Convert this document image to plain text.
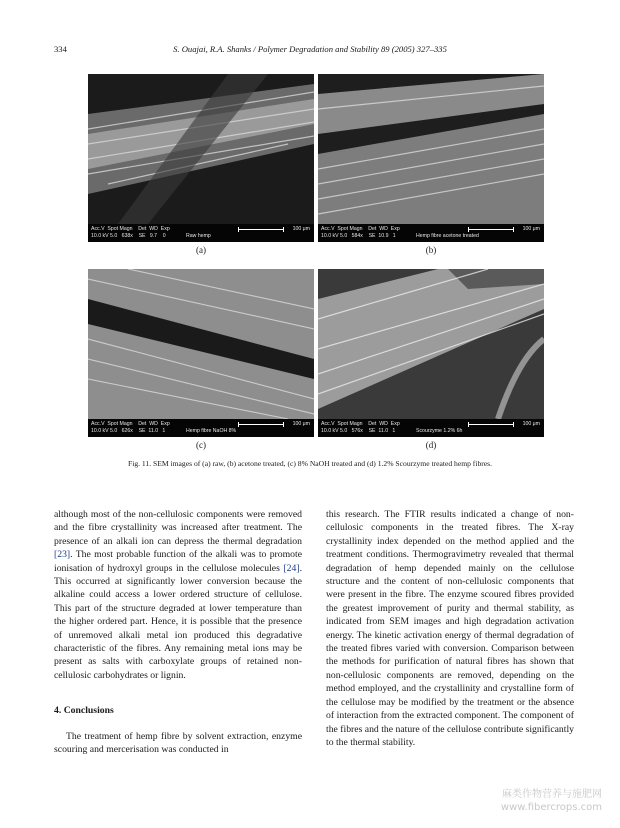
334	S. Ouajai, R.A. Shanks / Polymer Degradation and Stability 89 (2005) 327–335
Acc.V  Spot Magn    Det  WD  Exp
10.0 kV 5.0   638x    SE   9.7    0	Raw hemp
100 μm
(a)
Acc.V  Spot Magn    Det  WD  Exp
10.0 kV 5.0   584x    SE  10.9   1	Hemp fibre acetone treated
100 μm
(b)
Acc.V  Spot Magn    Det  WD  Exp
10.0 kV 5.0   626x    SE  11.0   1	Hemp fibre NaOH 8%
100 μm
(c)
Acc.V  Spot Magn    Det  WD  Exp
10.0 kV 5.0   576x    SE  11.0   1	Scourzyme 1.2% 6h
100 μm
(d)
Fig. 11. SEM images of (a) raw, (b) acetone treated, (c) 8% NaOH treated and (d) 1.2% Scourzyme treated hemp fibres.

although most of the non-cellulosic components were removed and the fibre crystallinity was increased after treatment. The presence of an alkali ion can depress the thermal degradation [23]. The most probable function of the alkali was to promote ionisation of hydroxyl groups in the cellulose molecules [24]. This occurred at significantly lower conversion because the alkaline could access a lower ordered structure of cellulose. This part of the structure degraded at lower temperature than the higher ordered part. Hence, it is possible that the presence of unremoved alkali metal ion produced this degradative characteristic of the fibres. Any remaining metal ions may be present as salts with carboxylate groups of retained non-cellulosic carbohydrates or lignin.

4. Conclusions

The treatment of hemp fibre by solvent extraction, enzyme scouring and mercerisation was conducted in

this research. The FTIR results indicated a change of non-cellulosic components in the treated fibres. The X-ray crystallinity index depended on the method applied and the treatment conditions. Thermogravimetry revealed that thermal degradation of hemp depended mainly on the cellulose structure and the content of non-cellulosic components that were present in the fibre. The enzyme scoured fibres provided the greatest improvement of purity and thermal stability, as indicated from SEM images and high degradation activation energy. The kinetic activation energy of thermal degradation of the treated fibres varied with conversion. Comparison between the methods for purification of natural fibres has shown that non-cellulosic components are removed, depending on the method employed, and the crystallinity and crystalline form of the cellulose may be modified by the treatment or the absence of interaction from the extracted component. The component of the fibres and the nature of the cellulose contribute significantly to the thermal stability.

麻类作物营养与施肥网
www.fibercrops.com
